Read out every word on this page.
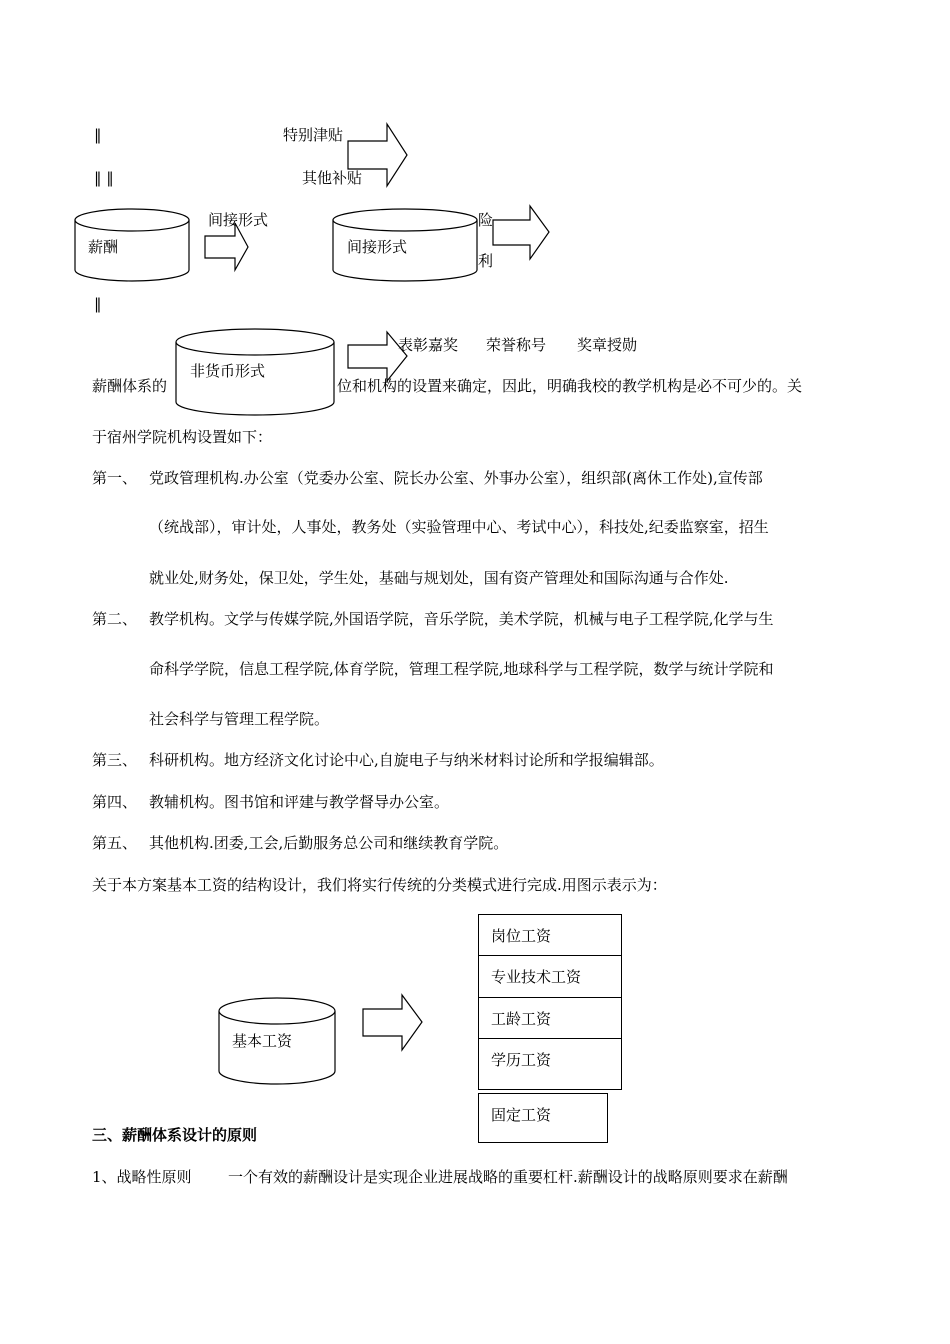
‖	特别津贴
‖ ‖	其他补贴
间接形式	险
利
薪酬	间接形式
‖
非货币形式
表彰嘉奖 荣誉称号 奖章授勋
薪酬体系的	位和机构的设置来确定，因此，明确我校的教学机构是必不可少的。关
于宿州学院机构设置如下：
第一、 党政管理机构.办公室（党委办公室、院长办公室、外事办公室），组织部(离休工作处),宣传部
（统战部），审计处，人事处，教务处（实验管理中心、考试中心），科技处,纪委监察室，招生
就业处,财务处，保卫处，学生处，基础与规划处，国有资产管理处和国际沟通与合作处.
第二、 教学机构。文学与传媒学院,外国语学院，音乐学院，美术学院，机械与电子工程学院,化学与生
命科学学院，信息工程学院,体育学院，管理工程学院,地球科学与工程学院，数学与统计学院和
社会科学与管理工程学院。
第三、 科研机构。地方经济文化讨论中心,自旋电子与纳米材料讨论所和学报编辑部。
第四、 教辅机构。图书馆和评建与教学督导办公室。
第五、 其他机构.团委,工会,后勤服务总公司和继续教育学院。
关于本方案基本工资的结构设计，我们将实行传统的分类模式进行完成.用图示表示为：
基本工资
岗位工资
专业技术工资
工龄工资
学历工资
固定工资
三、薪酬体系设计的原则
1、战略性原则 一个有效的薪酬设计是实现企业进展战略的重要杠杆.薪酬设计的战略原则要求在薪酬
